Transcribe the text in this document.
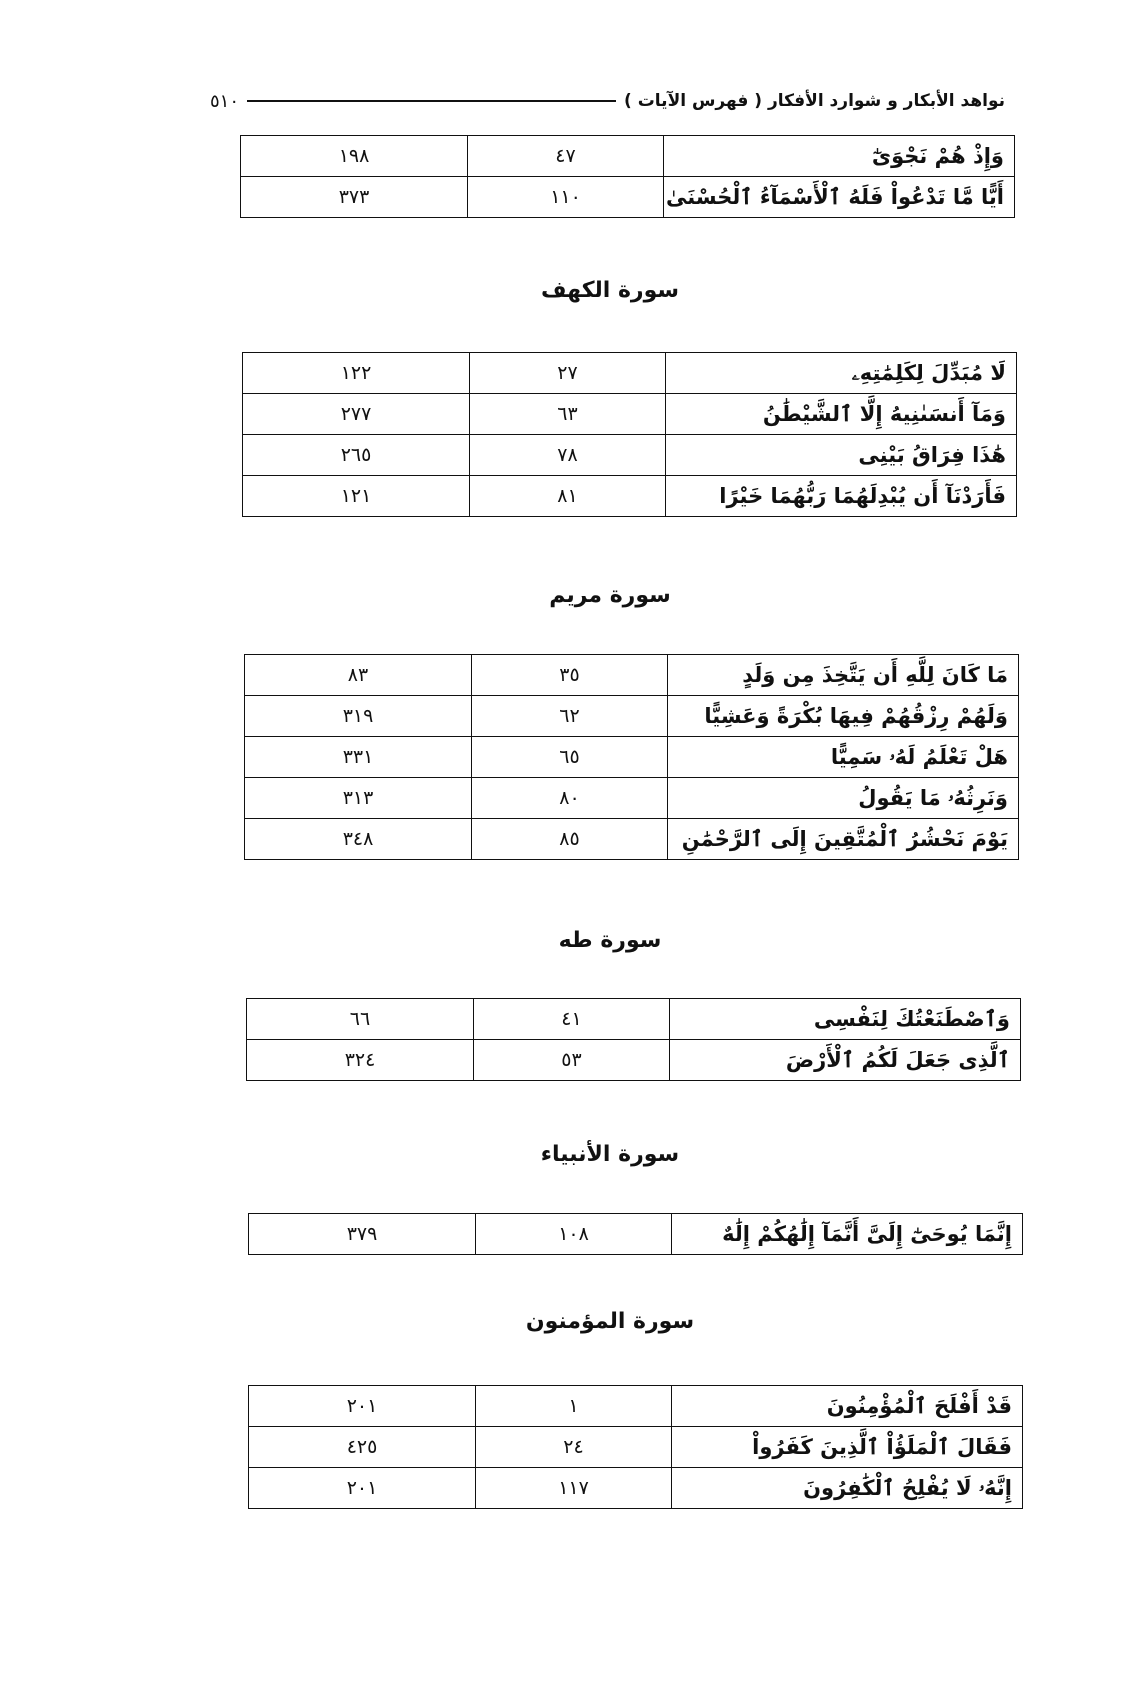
٥١٠	نواهد الأبكار و شوارد الأفكار ( فهرس الآيات )
وَإِذْ هُمْ نَجْوَىٰٓ	٤٧	١٩٨
أَيًّا مَّا تَدْعُواْ فَلَهُ ٱلْأَسْمَآءُ ٱلْحُسْنَىٰ	١١٠	٣٧٣
سورة الكهف
لَا مُبَدِّلَ لِكَلِمَٰتِهِۦ	٢٧	١٢٢
وَمَآ أَنسَىٰنِيهُ إِلَّا ٱلشَّيْطَٰنُ	٦٣	٢٧٧
هَٰذَا فِرَاقُ بَيْنِى	٧٨	٢٦٥
فَأَرَدْنَآ أَن يُبْدِلَهُمَا رَبُّهُمَا خَيْرًا	٨١	١٢١
سورة مريم
مَا كَانَ لِلَّهِ أَن يَتَّخِذَ مِن وَلَدٍ	٣٥	٨٣
وَلَهُمْ رِزْقُهُمْ فِيهَا بُكْرَةً وَعَشِيًّا	٦٢	٣١٩
هَلْ تَعْلَمُ لَهُۥ سَمِيًّا	٦٥	٣٣١
وَنَرِثُهُۥ مَا يَقُولُ	٨٠	٣١٣
يَوْمَ نَحْشُرُ ٱلْمُتَّقِينَ إِلَى ٱلرَّحْمَٰنِ	٨٥	٣٤٨
سورة طه
وَٱصْطَنَعْتُكَ لِنَفْسِى	٤١	٦٦
ٱلَّذِى جَعَلَ لَكُمُ ٱلْأَرْضَ	٥٣	٣٢٤
سورة الأنبياء
إِنَّمَا يُوحَىٰٓ إِلَىَّ أَنَّمَآ إِلَٰهُكُمْ إِلَٰهٌ	١٠٨	٣٧٩
سورة المؤمنون
قَدْ أَفْلَحَ ٱلْمُؤْمِنُونَ	١	٢٠١
فَقَالَ ٱلْمَلَؤُاْ ٱلَّذِينَ كَفَرُواْ	٢٤	٤٢٥
إِنَّهُۥ لَا يُفْلِحُ ٱلْكَٰفِرُونَ	١١٧	٢٠١
